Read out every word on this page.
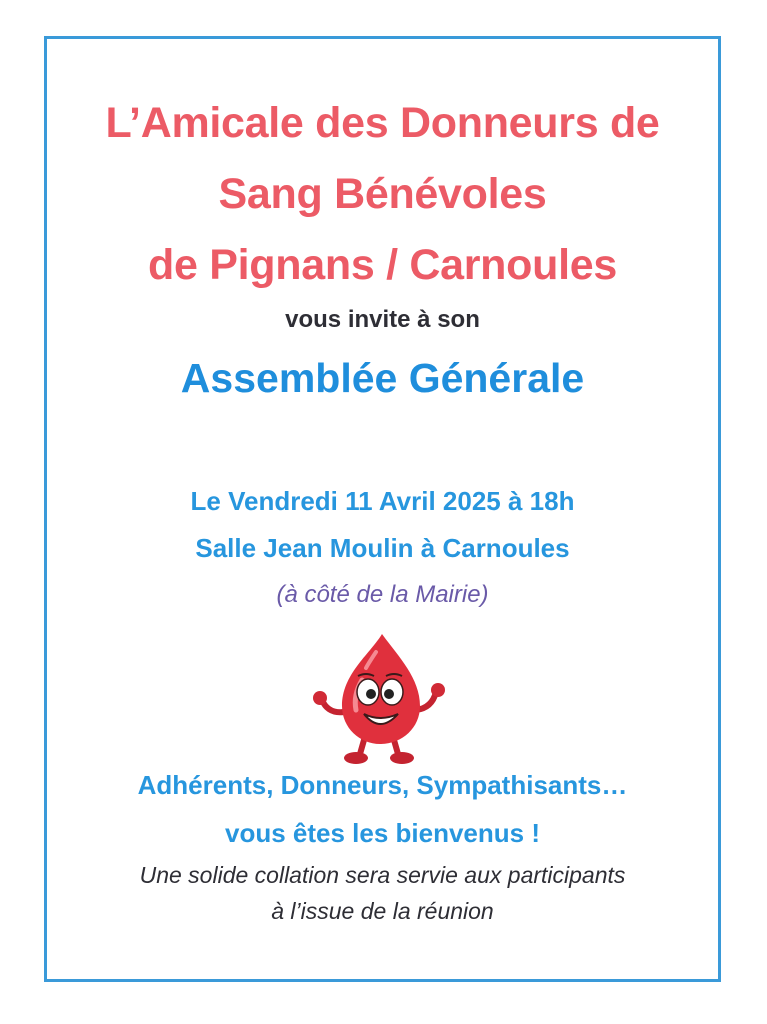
L’Amicale des Donneurs de

Sang Bénévoles

de Pignans / Carnoules

vous invite à son

Assemblée Générale

Le Vendredi 11 Avril 2025 à 18h

Salle Jean Moulin à Carnoules

(à côté de la Mairie)

Adhérents, Donneurs, Sympathisants…

vous êtes les bienvenus !

Une solide collation sera servie aux participants

à l’issue de la réunion
